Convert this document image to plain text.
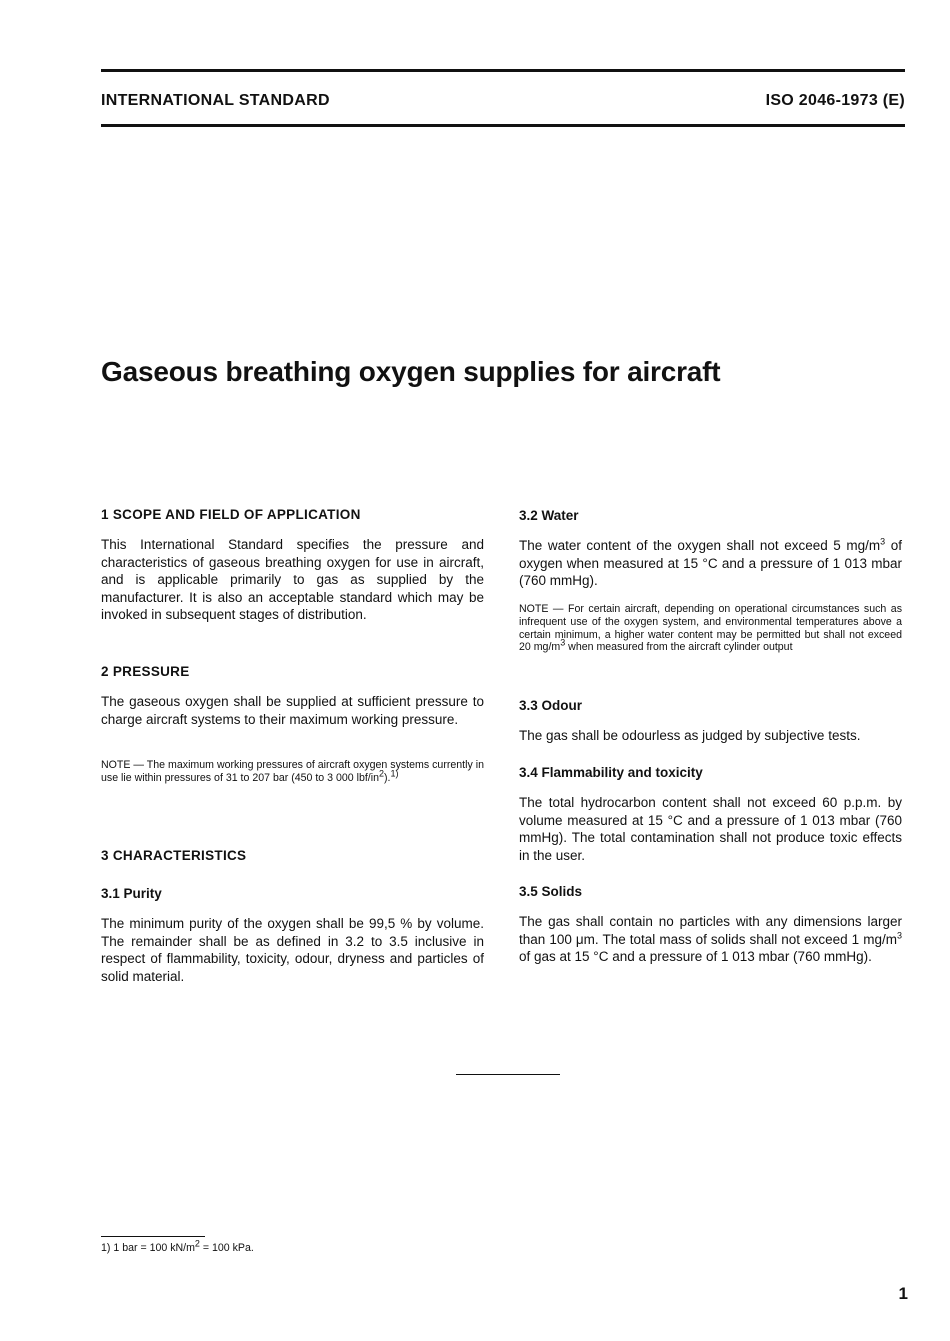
INTERNATIONAL STANDARD	ISO 2046-1973 (E)
Gaseous breathing oxygen supplies for aircraft
1 SCOPE AND FIELD OF APPLICATION

This International Standard specifies the pressure and characteristics of gaseous breathing oxygen for use in aircraft, and is applicable primarily to gas as supplied by the manufacturer. It is also an acceptable standard which may be invoked in subsequent stages of distribution.

2 PRESSURE

The gaseous oxygen shall be supplied at sufficient pressure to charge aircraft systems to their maximum working pressure.

NOTE — The maximum working pressures of aircraft oxygen systems currently in use lie within pressures of 31 to 207 bar (450 to 3 000 lbf/$in^2).^{1)}$

3 CHARACTERISTICS
3.1 Purity

The minimum purity of the oxygen shall be 99,5 % by volume. The remainder shall be as defined in 3.2 to 3.5 inclusive in respect of flammability, toxicity, odour, dryness and particles of solid material.

3.2 Water

The water content of the oxygen shall not exceed 5 $mg/m^3$ of oxygen when measured at 15 °C and a pressure of 1 013 mbar (760 mmHg).

NOTE — For certain aircraft, depending on operational circumstances such as infrequent use of the oxygen system, and environmental temperatures above a certain minimum, a higher water content may be permitted but shall not exceed 20 $mg/m^3$ when measured from the aircraft cylinder output

3.3 Odour

The gas shall be odourless as judged by subjective tests.

3.4 Flammability and toxicity

The total hydrocarbon content shall not exceed 60 p.p.m. by volume measured at 15 °C and a pressure of 1 013 mbar (760 mmHg). The total contamination shall not produce toxic effects in the user.

3.5 Solids

The gas shall contain no particles with any dimensions larger than 100 μm. The total mass of solids shall not exceed 1 $mg/m^3$ of gas at 15 °C and a pressure of 1 013 mbar (760 mmHg).

1) 1 bar = 100 $kN/m^2 = 100$ kPa.
1
